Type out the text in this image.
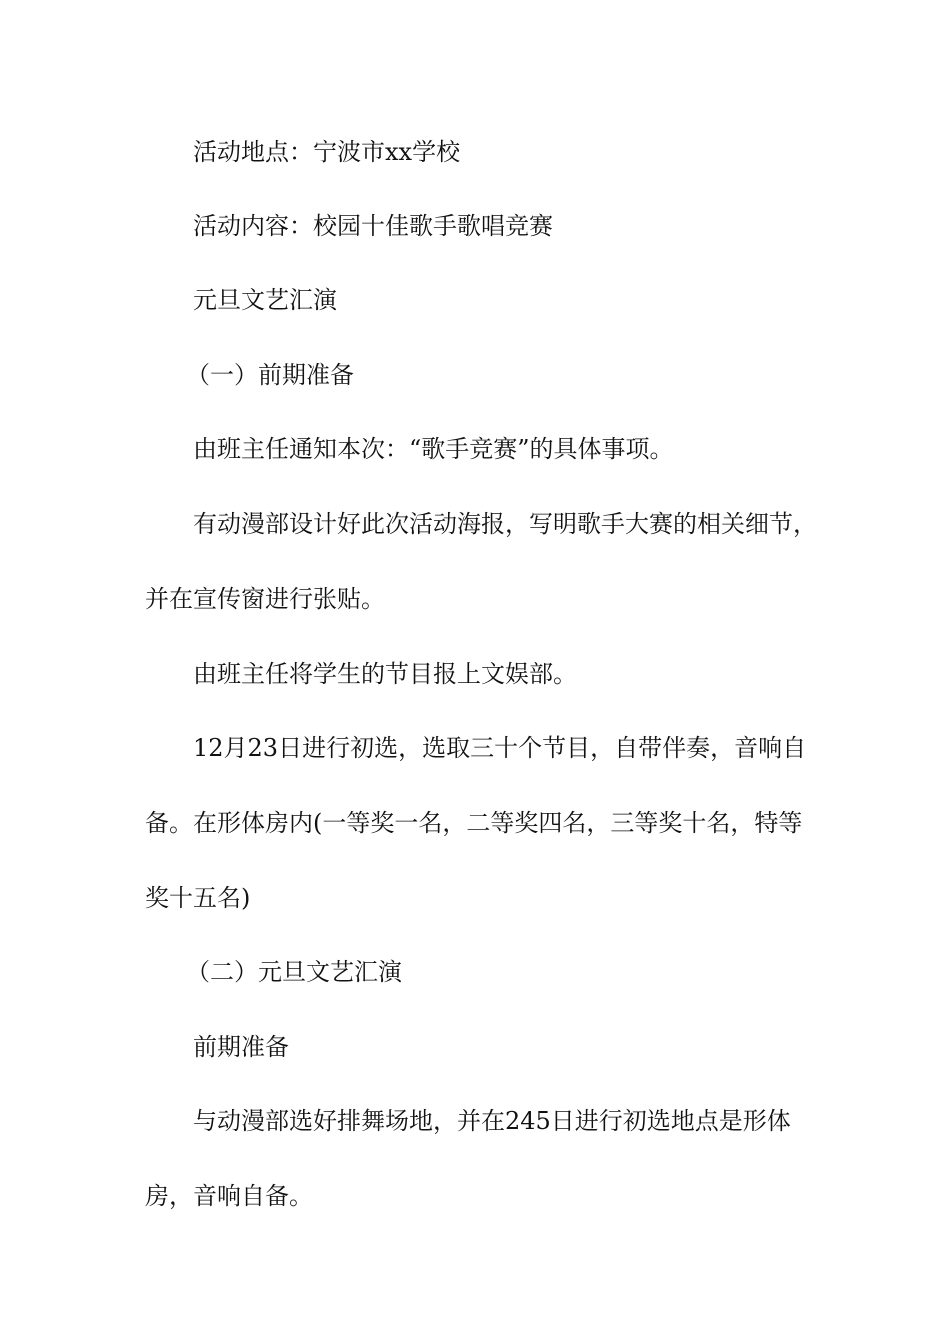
活动地点：宁波市xx学校

活动内容：校园十佳歌手歌唱竞赛

元旦文艺汇演

（一）前期准备

由班主任通知本次：“歌手竞赛”的具体事项。

有动漫部设计好此次活动海报，写明歌手大赛的相关细节，

并在宣传窗进行张贴。

由班主任将学生的节目报上文娱部。

12月23日进行初选，选取三十个节目，自带伴奏，音响自

备。在形体房内(一等奖一名，二等奖四名，三等奖十名，特等

奖十五名)

（二）元旦文艺汇演

前期准备

与动漫部选好排舞场地，并在245日进行初选地点是形体

房，音响自备。
